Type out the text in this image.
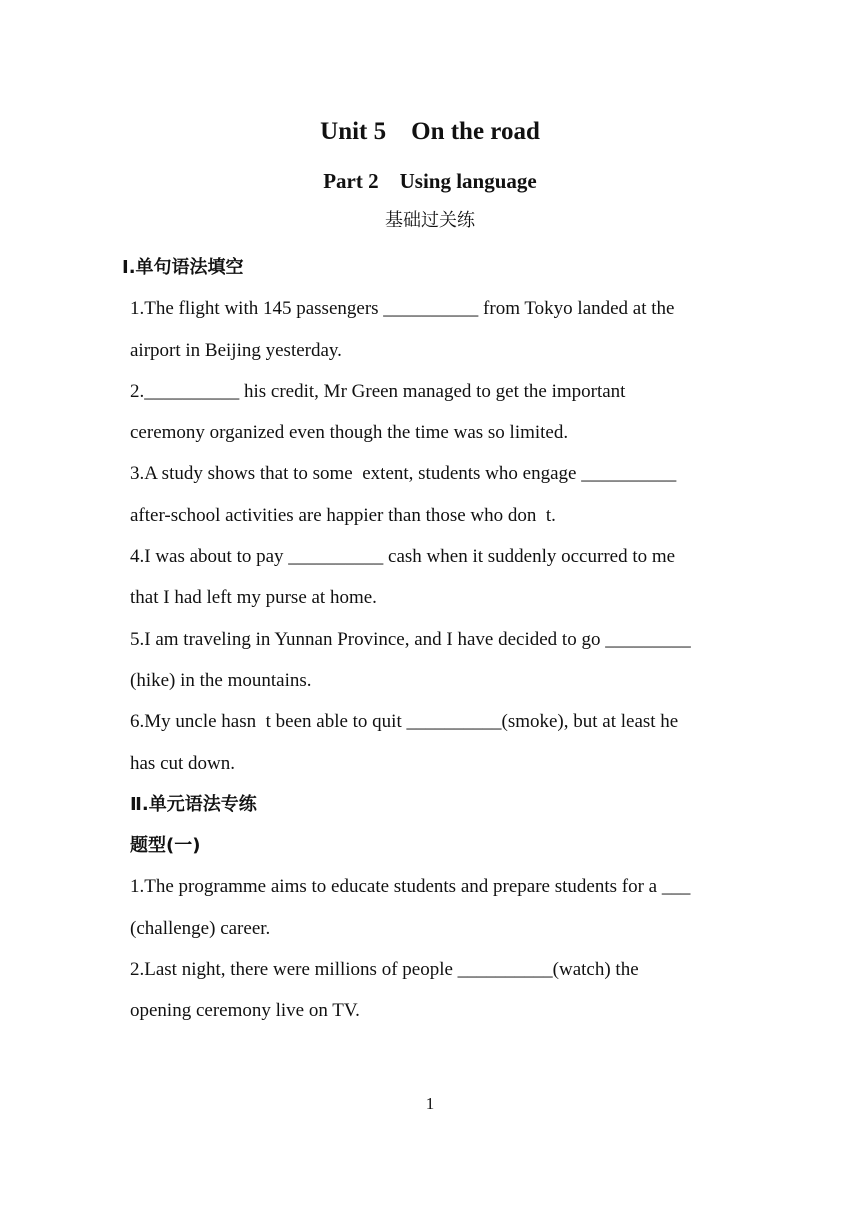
Unit 5    On the road
Part 2    Using language
基础过关练
Ⅰ.单句语法填空
1.The flight with 145 passengers __________ from Tokyo landed at the
airport in Beijing yesterday.
2.__________ his credit, Mr Green managed to get the important
ceremony organized even though the time was so limited.
3.A study shows that to some  extent, students who engage __________
after-school activities are happier than those who don  t.
4.I was about to pay __________ cash when it suddenly occurred to me
that I had left my purse at home.
5.I am traveling in Yunnan Province, and I have decided to go _________
(hike) in the mountains.
6.My uncle hasn  t been able to quit __________(smoke), but at least he
has cut down.
Ⅱ.单元语法专练
题型(一)
1.The programme aims to educate students and prepare students for a ___
(challenge) career.
2.Last night, there were millions of people __________(watch) the
opening ceremony live on TV.
1
